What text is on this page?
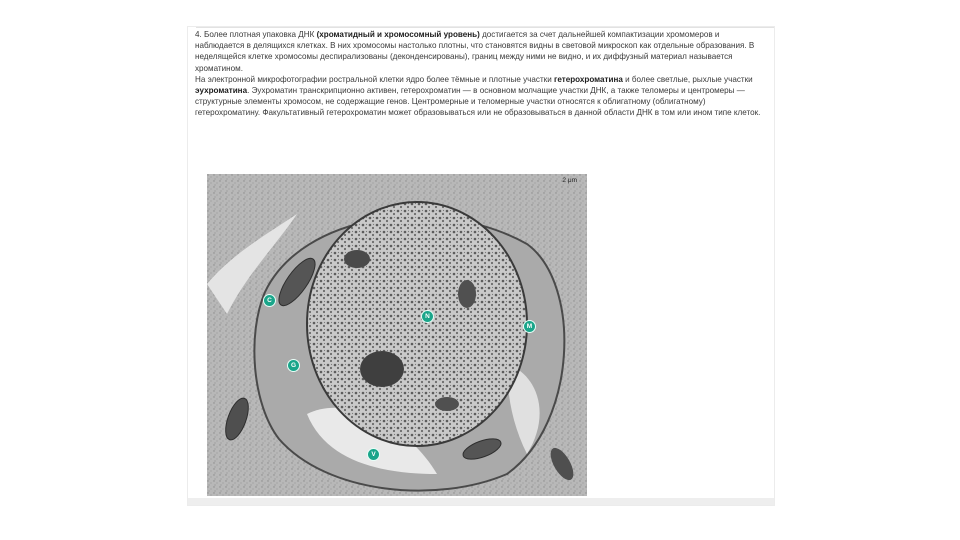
4. Более плотная упаковка ДНК (хроматидный и хромосомный уровень) достигается за счет дальнейшей компактизации хромомеров и наблюдается в делящихся клетках. В них хромосомы настолько плотны, что становятся видны в световой микроскоп как отдельные образования. В неделящейся клетке хромосомы деспирализованы (деконденсированы), границ между ними не видно, и их диффузный материал называется хроматином.

На электронной микрофотографии ростральной клетки ядро более тёмные и плотные участки гетерохроматина и более светлые, рыхлые участки эухроматина. Эухроматин транскрипционно активен, гетерохроматин — в основном молчащие участки ДНК, а также теломеры и центромеры — структурные элементы хромосом, не содержащие генов. Центромерные и теломерные участки относятся к облигатному (облигатному) гетерохроматину. Факультативный гетерохроматин может образовываться или не образовываться в данной области ДНК в том или ином типе клеток.

2 μm
C
N
M
G
V
